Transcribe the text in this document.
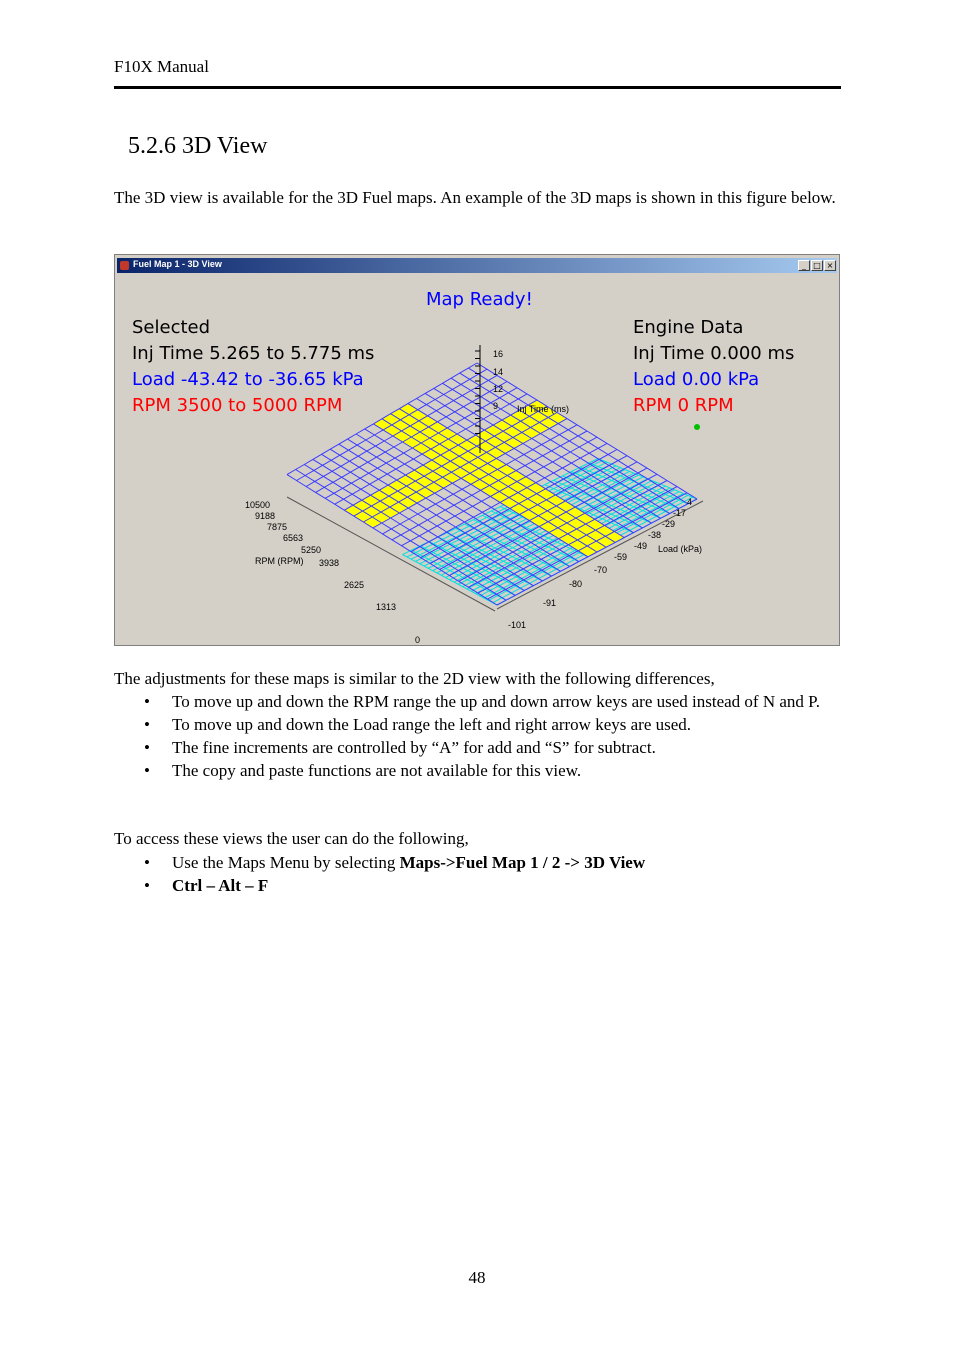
F10X Manual
5.2.6 3D View

The 3D view is available for the 3D Fuel maps. An example of the 3D maps is shown in this figure below.

Fuel Map 1 - 3D View	_ □ ×
Map Ready!
Selected
Inj Time 5.265 to 5.775 ms
Load -43.42 to -36.65 kPa
RPM 3500 to 5000 RPM
Engine Data
Inj Time 0.000 ms
Load 0.00 kPa
RPM 0 RPM
Inj Time (ms)
RPM (RPM)
Load (kPa)
16
14
12
9
10500
9188
7875
6563
5250
3938
2625
1313
0
4
-17
-29
-38
-49
-59
-70
-80
-91
-101

The adjustments for these maps is similar to the 2D view with the following differences,

• To move up and down the RPM range the up and down arrow keys are used instead of N and P.
• To move up and down the Load range the left and right arrow keys are used.
• The fine increments are controlled by “A” for add and “S” for subtract.
• The copy and paste functions are not available for this view.

To access these views the user can do the following,

• Use the Maps Menu by selecting Maps->Fuel Map 1 / 2 -> 3D View
• Ctrl – Alt – F
48
